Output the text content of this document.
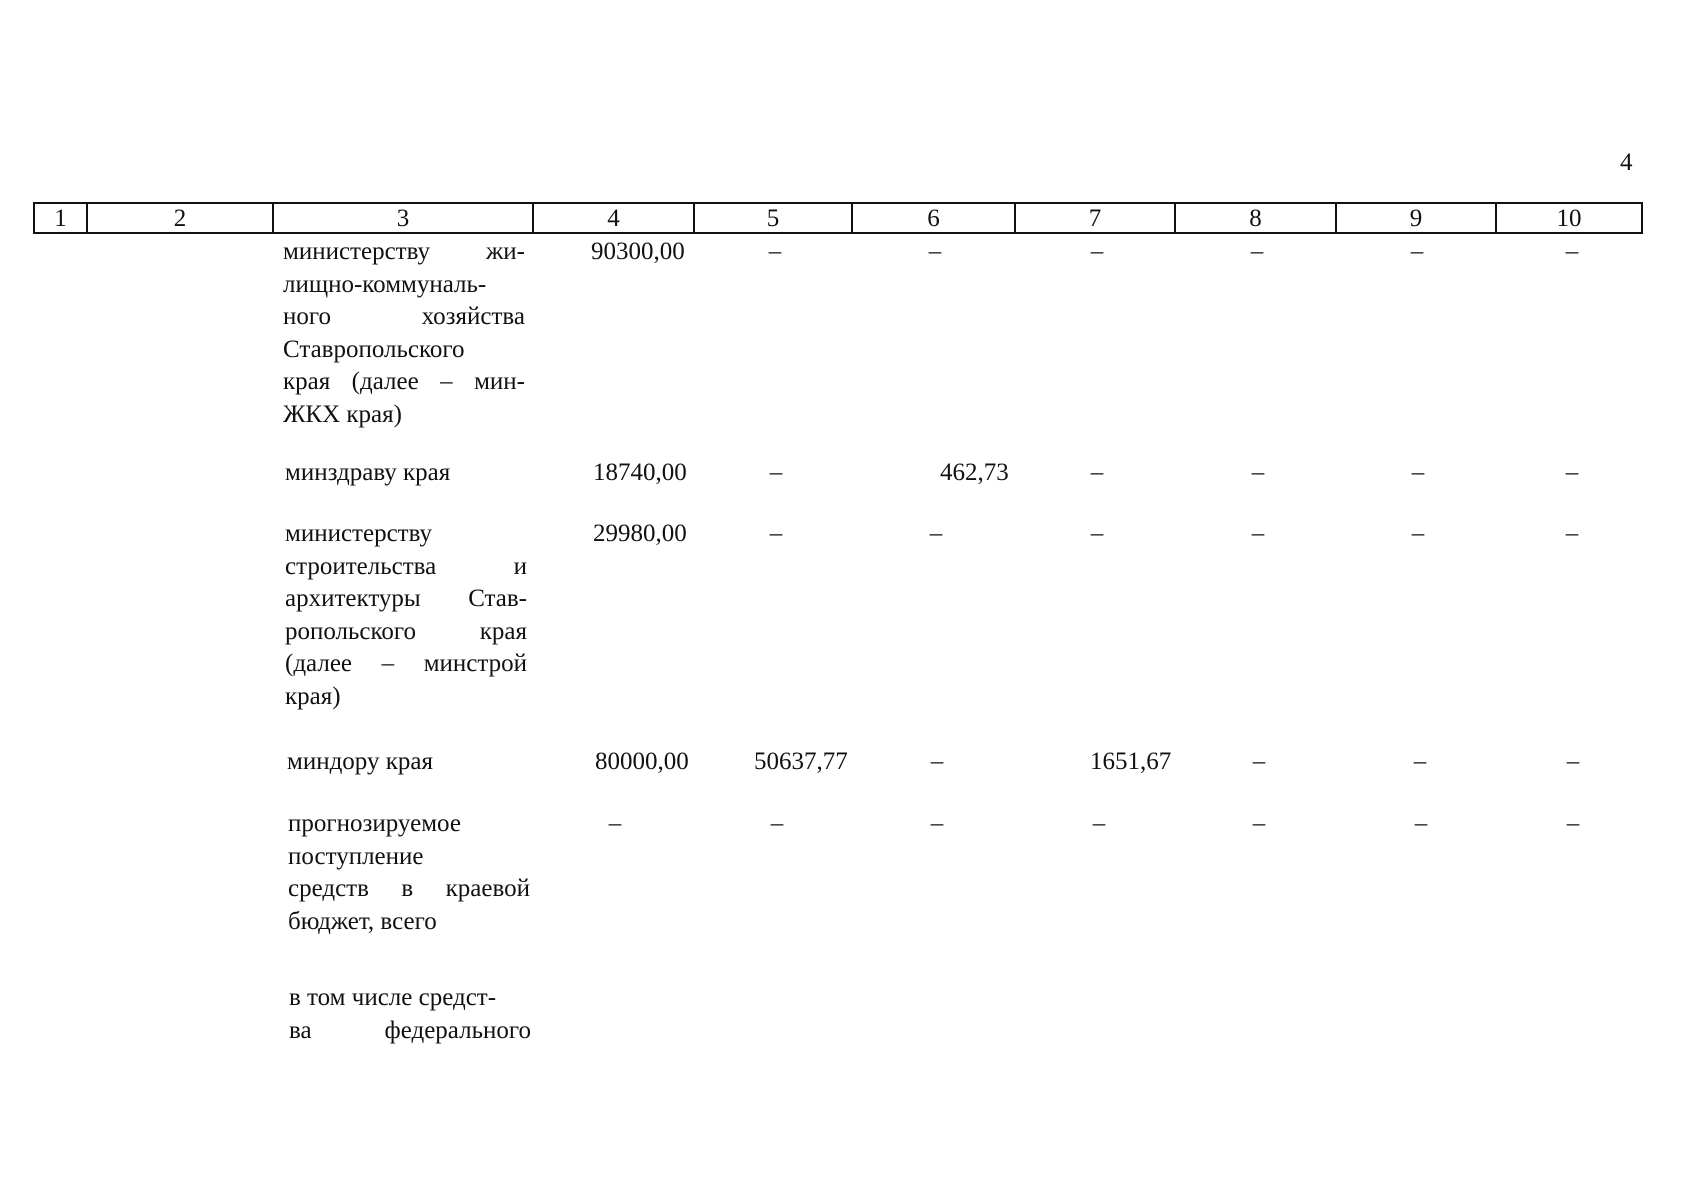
4
1	2	3	4	5	6	7	8	9	10
министерству жи-
лищно-коммуналь-
ного хозяйства
Ставропольского
края (далее – мин-
ЖКХ края)
90300,00	–	–	–	–	–	–
минздраву края	18740,00	–	462,73	–	–	–	–
министерству
строительства и
архитектуры Став-
ропольского края
(далее – минстрой
края)
29980,00	–	–	–	–	–	–
миндору края	80000,00	50637,77	–	1651,67	–	–	–
прогнозируемое
поступление
средств в краевой
бюджет, всего
–	–	–	–	–	–	–
в том числе средст-
ва федерального
